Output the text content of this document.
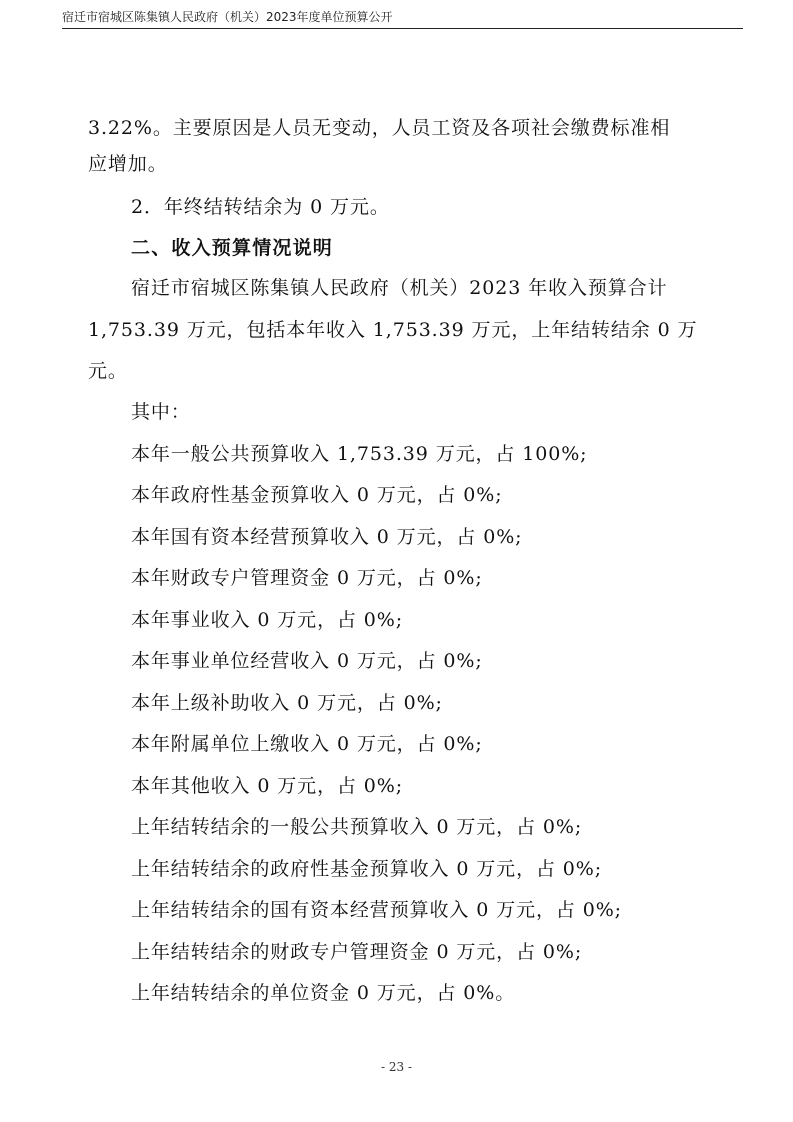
宿迁市宿城区陈集镇人民政府（机关）2023年度单位预算公开
3.22%。主要原因是人员无变动，人员工资及各项社会缴费标准相
应增加。
2．年终结转结余为 0 万元。
二、收入预算情况说明
宿迁市宿城区陈集镇人民政府（机关）2023 年收入预算合计
1,753.39 万元，包括本年收入 1,753.39 万元，上年结转结余 0 万
元。
其中：
本年一般公共预算收入 1,753.39 万元，占 100%;
本年政府性基金预算收入 0 万元，占 0%;
本年国有资本经营预算收入 0 万元，占 0%;
本年财政专户管理资金 0 万元，占 0%;
本年事业收入 0 万元，占 0%;
本年事业单位经营收入 0 万元，占 0%;
本年上级补助收入 0 万元，占 0%;
本年附属单位上缴收入 0 万元，占 0%;
本年其他收入 0 万元，占 0%;
上年结转结余的一般公共预算收入 0 万元，占 0%;
上年结转结余的政府性基金预算收入 0 万元，占 0%;
上年结转结余的国有资本经营预算收入 0 万元，占 0%;
上年结转结余的财政专户管理资金 0 万元，占 0%;
上年结转结余的单位资金 0 万元，占 0%。
- 23 -
